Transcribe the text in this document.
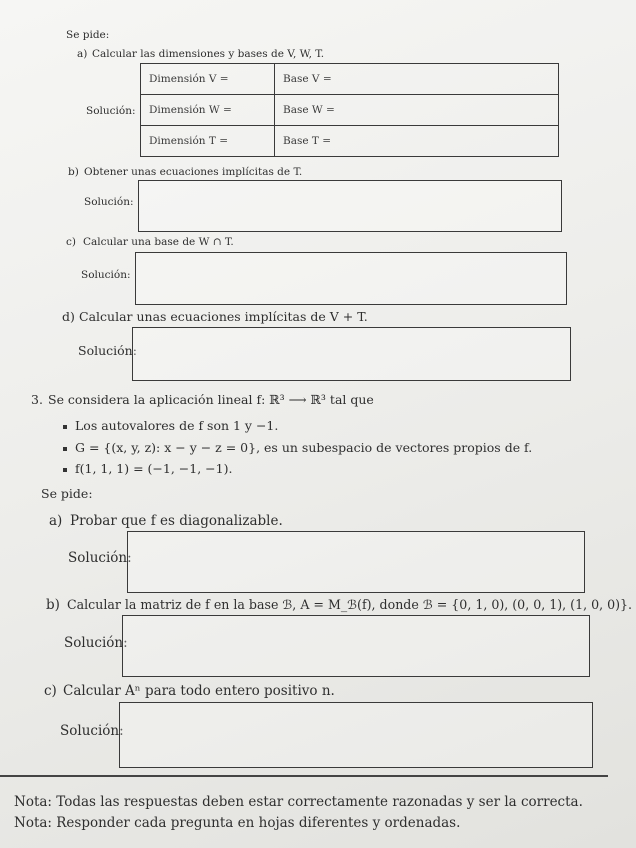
Se pide:
a) Calcular las dimensiones y bases de V, W, T.
Solución:
Dimensión V =	Base V =
Dimensión W =	Base W =
Dimensión T =	Base T =
b) Obtener unas ecuaciones implícitas de T.
Solución:
c) Calcular una base de W ∩ T.
Solución:
d) Calcular unas ecuaciones implícitas de V + T.
Solución:
3. Se considera la aplicación lineal f: ℝ³ ⟶ ℝ³ tal que
Los autovalores de f son 1 y −1.
G = {(x, y, z): x − y − z = 0}, es un subespacio de vectores propios de f.
f(1, 1, 1) = (−1, −1, −1).
Se pide:
a) Probar que f es diagonalizable.
Solución:
b) Calcular la matriz de f en la base ℬ, A = M_ℬ(f), donde ℬ = {0, 1, 0), (0, 0, 1), (1, 0, 0)}.
Solución:
c) Calcular Aⁿ para todo entero positivo n.
Solución:
Nota: Todas las respuestas deben estar correctamente razonadas y ser la correcta.
Nota: Responder cada pregunta en hojas diferentes y ordenadas.
